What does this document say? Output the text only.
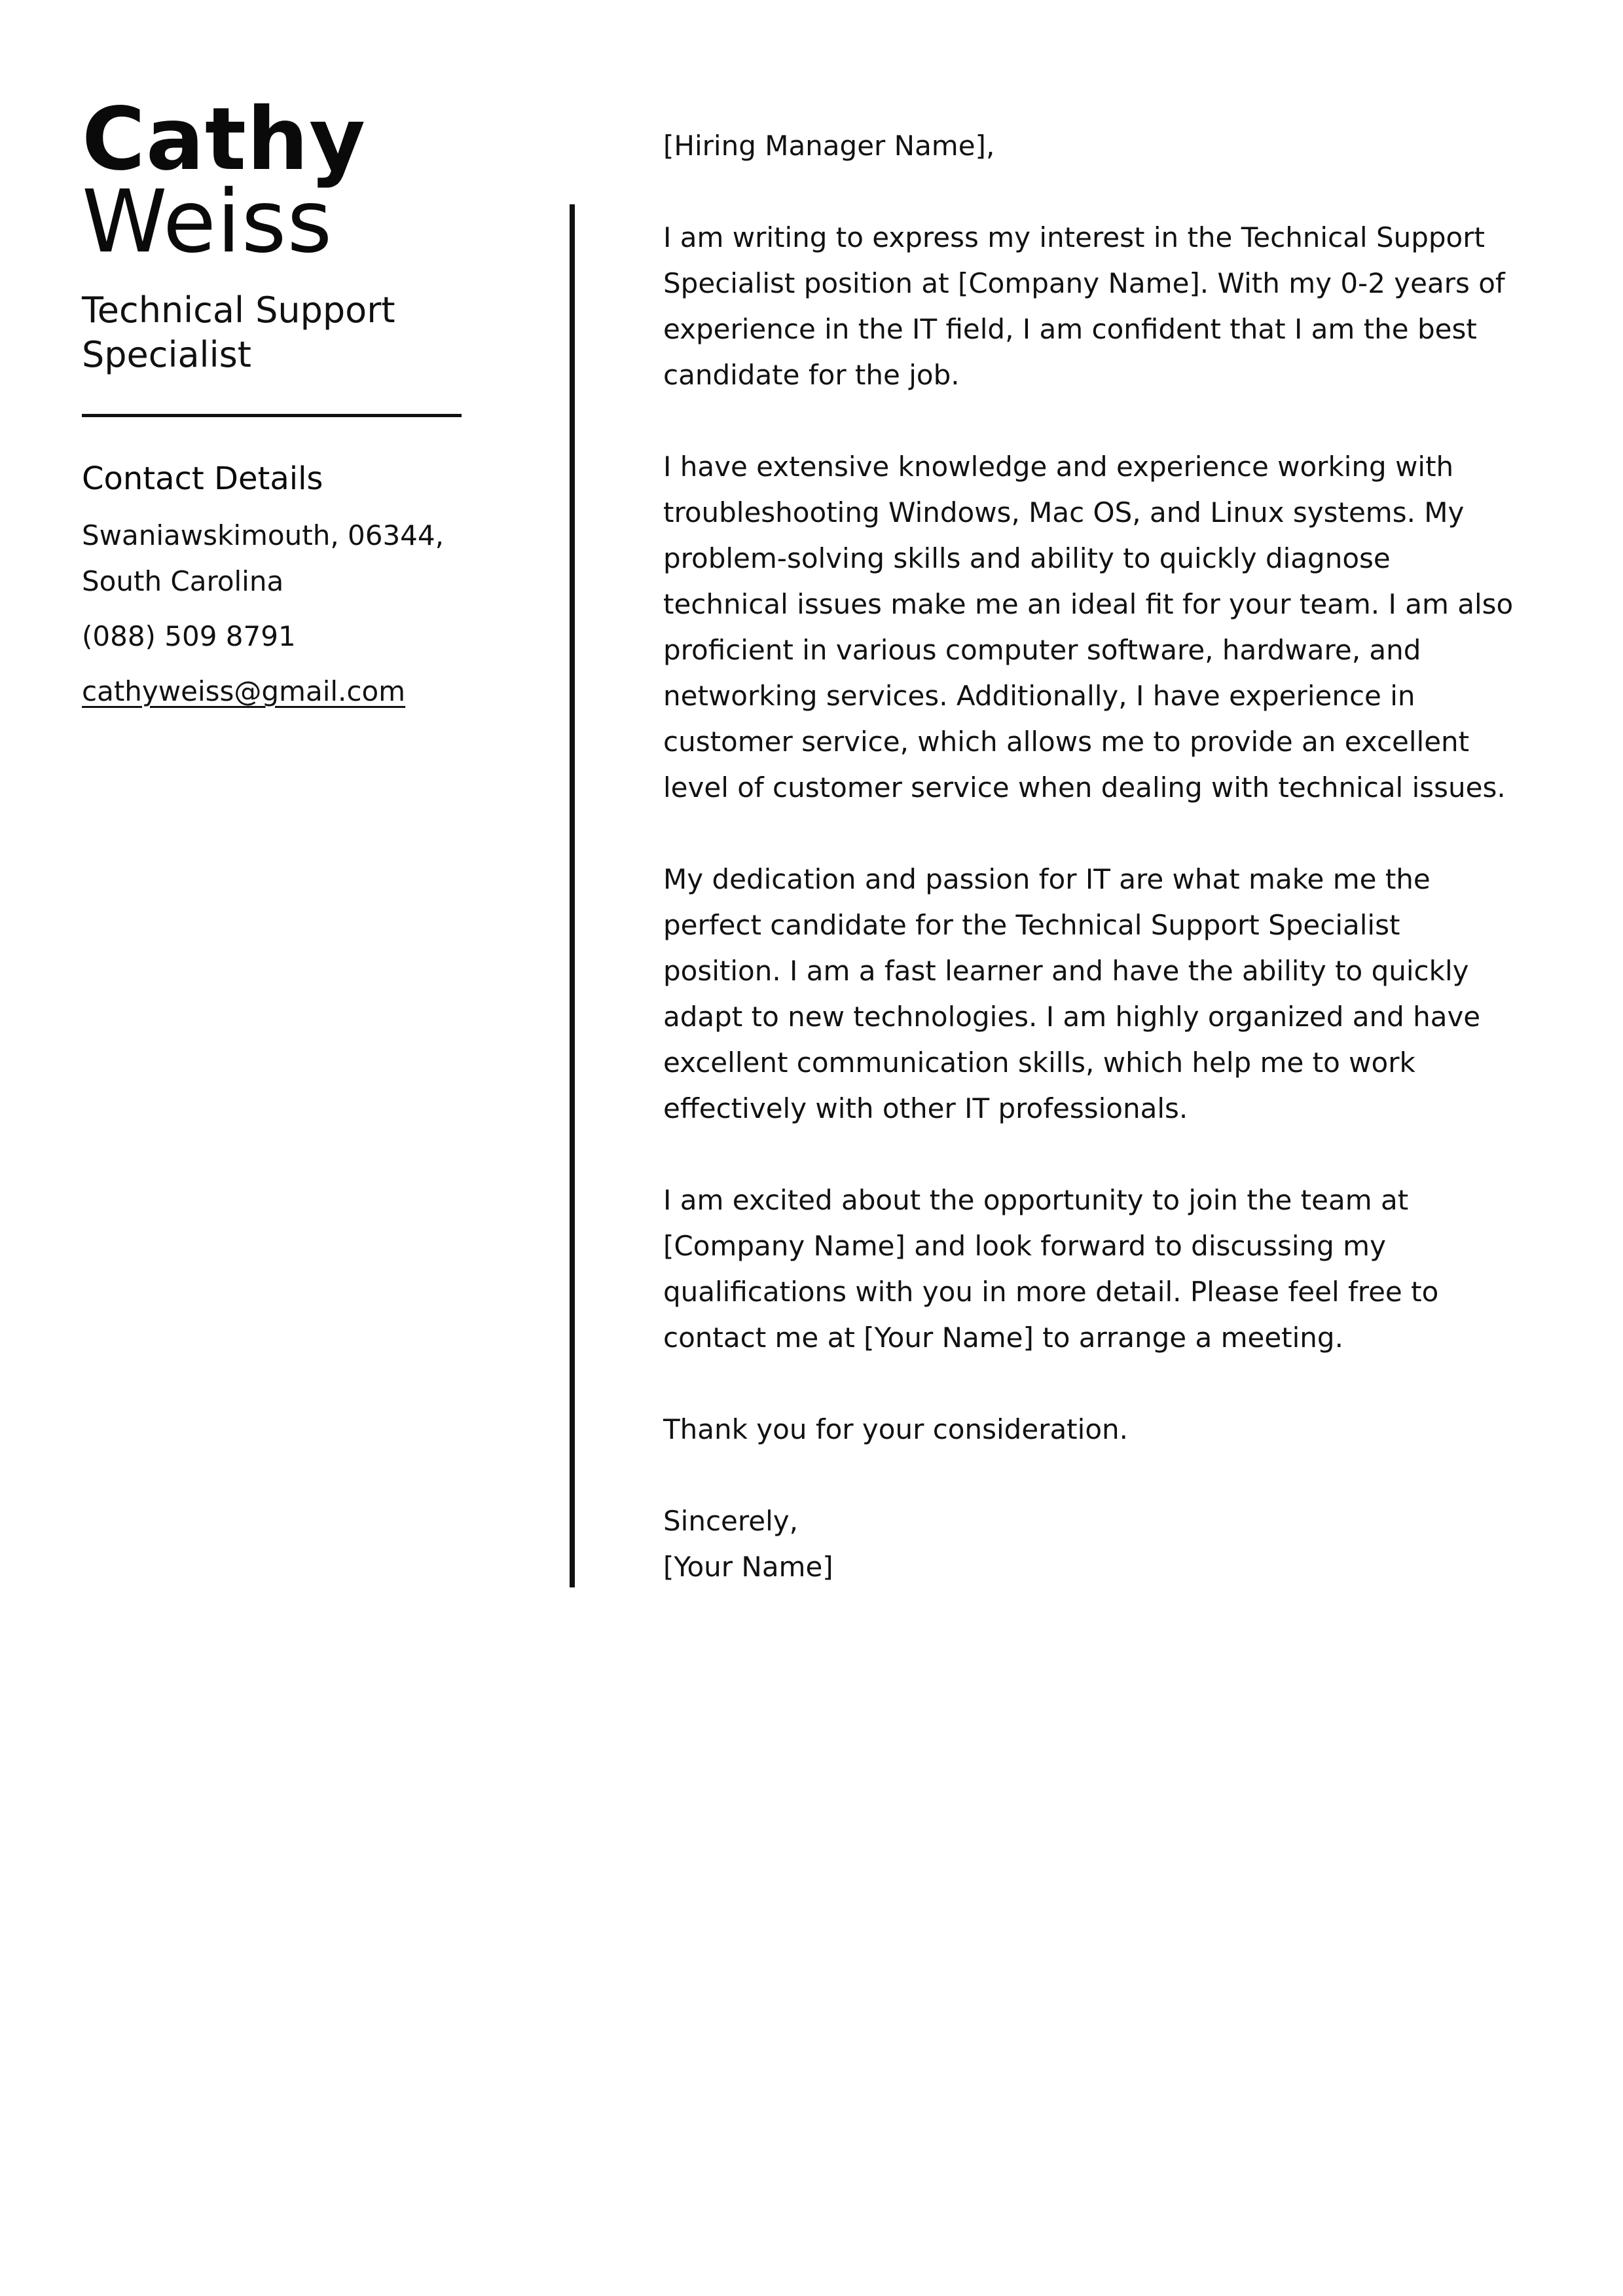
Cathy
Weiss
Technical Support Specialist
Contact Details
Swaniawskimouth, 06344,
South Carolina
(088) 509 8791
cathyweiss@gmail.com

[Hiring Manager Name],

I am writing to express my interest in the Technical Support Specialist position at [Company Name]. With my 0-2 years of experience in the IT field, I am confident that I am the best candidate for the job.

I have extensive knowledge and experience working with troubleshooting Windows, Mac OS, and Linux systems. My problem-solving skills and ability to quickly diagnose technical issues make me an ideal fit for your team. I am also proficient in various computer software, hardware, and networking services. Additionally, I have experience in customer service, which allows me to provide an excellent level of customer service when dealing with technical issues.

My dedication and passion for IT are what make me the perfect candidate for the Technical Support Specialist position. I am a fast learner and have the ability to quickly adapt to new technologies. I am highly organized and have excellent communication skills, which help me to work effectively with other IT professionals.

I am excited about the opportunity to join the team at [Company Name] and look forward to discussing my qualifications with you in more detail. Please feel free to contact me at [Your Name] to arrange a meeting.

Thank you for your consideration.

Sincerely,
[Your Name]
